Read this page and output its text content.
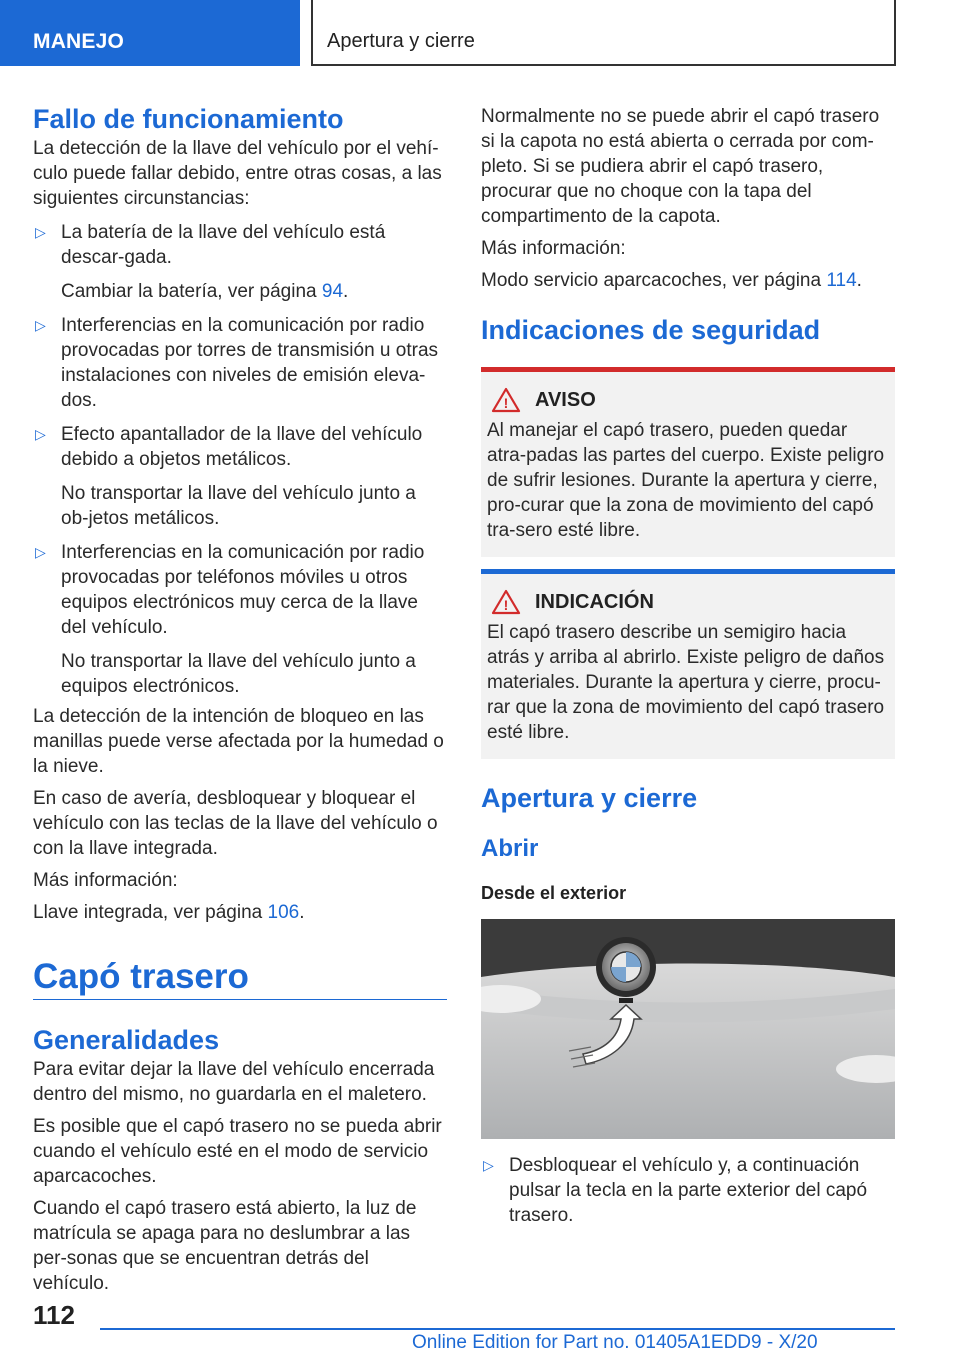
MANEJO	Apertura y cierre
Fallo de funcionamiento
La detección de la llave del vehículo por el vehí-culo puede fallar debido, entre otras cosas, a las siguientes circunstancias:
▷ La batería de la llave del vehículo está descar-gada.
Cambiar la batería, ver página 94.
▷ Interferencias en la comunicación por radio provocadas por torres de transmisión u otras instalaciones con niveles de emisión eleva-dos.
▷ Efecto apantallador de la llave del vehículo debido a objetos metálicos.
No transportar la llave del vehículo junto a ob-jetos metálicos.
▷ Interferencias en la comunicación por radio provocadas por teléfonos móviles u otros equipos electrónicos muy cerca de la llave del vehículo.
No transportar la llave del vehículo junto a equipos electrónicos.
La detección de la intención de bloqueo en las manillas puede verse afectada por la humedad o la nieve.
En caso de avería, desbloquear y bloquear el vehículo con las teclas de la llave del vehículo o con la llave integrada.
Más información:
Llave integrada, ver página 106.
Capó trasero
Generalidades
Para evitar dejar la llave del vehículo encerrada dentro del mismo, no guardarla en el maletero.
Es posible que el capó trasero no se pueda abrir cuando el vehículo esté en el modo de servicio aparcacoches.
Cuando el capó trasero está abierto, la luz de matrícula se apaga para no deslumbrar a las per-sonas que se encuentran detrás del vehículo.
Normalmente no se puede abrir el capó trasero si la capota no está abierta o cerrada por com-pleto. Si se pudiera abrir el capó trasero, procurar que no choque con la tapa del compartimento de la capota.
Más información:
Modo servicio aparcacoches, ver página 114.
Indicaciones de seguridad
! AVISO
Al manejar el capó trasero, pueden quedar atra-padas las partes del cuerpo. Existe peligro de sufrir lesiones. Durante la apertura y cierre, pro-curar que la zona de movimiento del capó tra-sero esté libre.
! INDICACIÓN
El capó trasero describe un semigiro hacia atrás y arriba al abrirlo. Existe peligro de daños materiales. Durante la apertura y cierre, procu-rar que la zona de movimiento del capó trasero esté libre.
Apertura y cierre
Abrir
Desde el exterior
▷ Desbloquear el vehículo y, a continuación pulsar la tecla en la parte exterior del capó trasero.
112
Online Edition for Part no. 01405A1EDD9 - X/20
